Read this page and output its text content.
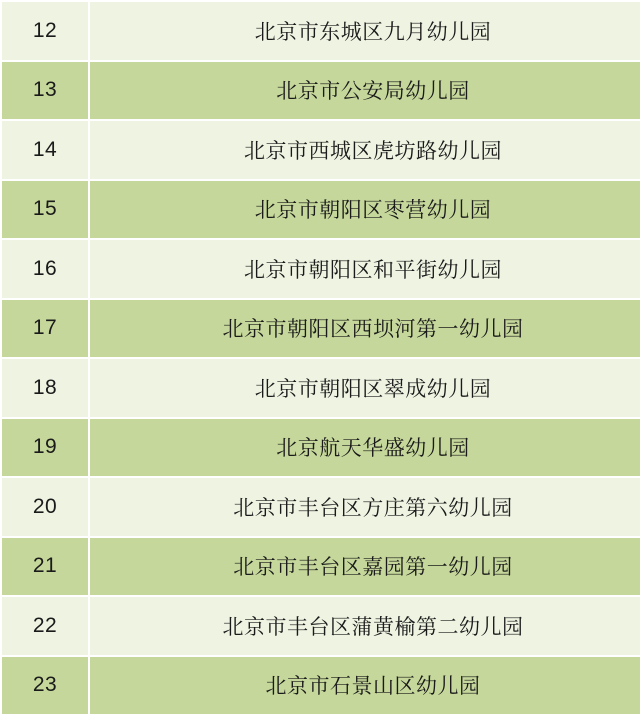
12	北京市东城区九月幼儿园
13	北京市公安局幼儿园
14	北京市西城区虎坊路幼儿园
15	北京市朝阳区枣营幼儿园
16	北京市朝阳区和平街幼儿园
17	北京市朝阳区西坝河第一幼儿园
18	北京市朝阳区翠成幼儿园
19	北京航天华盛幼儿园
20	北京市丰台区方庄第六幼儿园
21	北京市丰台区嘉园第一幼儿园
22	北京市丰台区蒲黄榆第二幼儿园
23	北京市石景山区幼儿园
